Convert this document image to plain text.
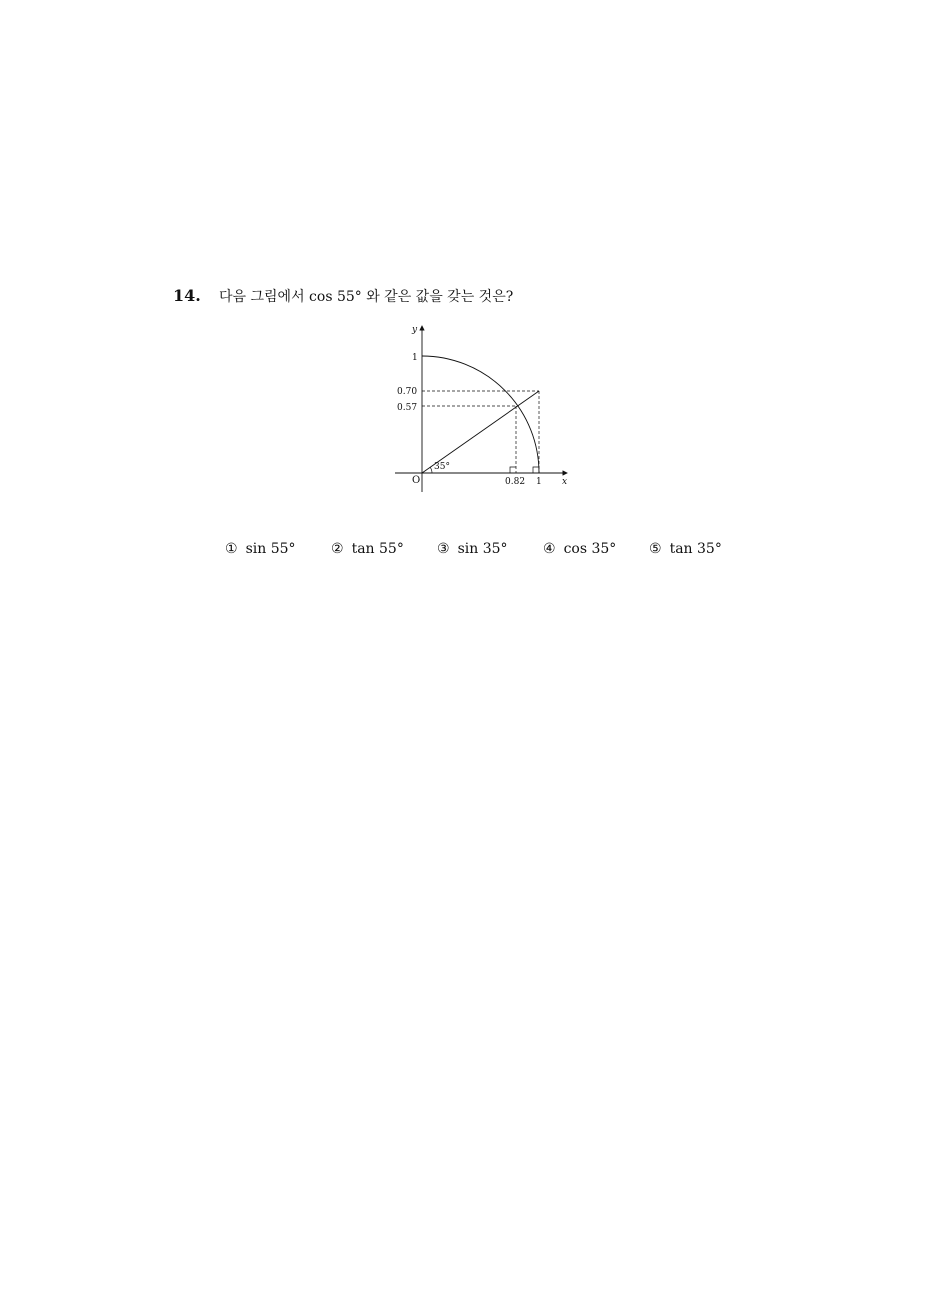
14.	다음 그림에서 cos 55° 와 같은 값을 갖는 것은?
y
x
O
1
0.70
0.57
0.82 1
35°
① sin 55°	② tan 55° ③ sin 35°	④ cos 35° ⑤ tan 35°
